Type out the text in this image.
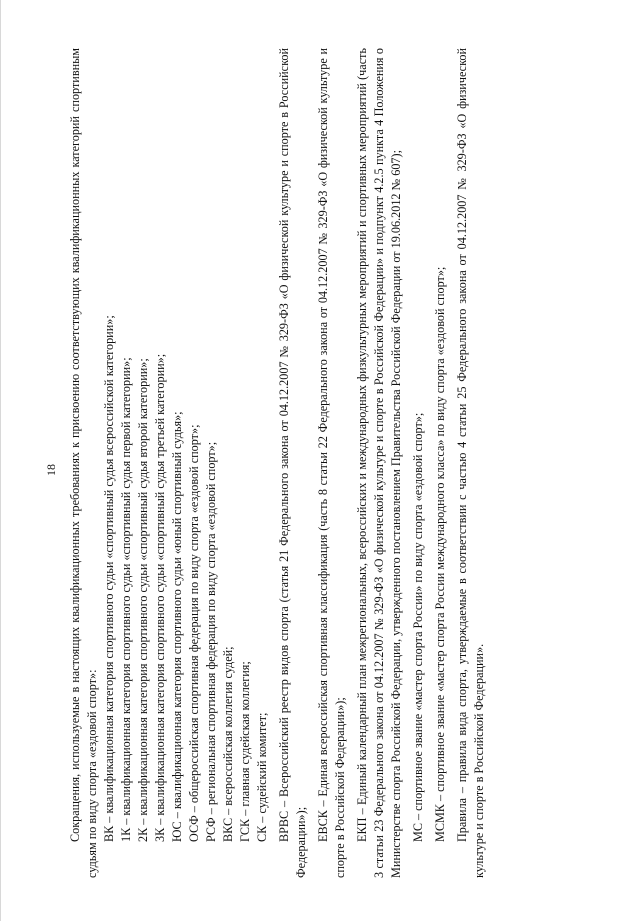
18 Сокращения, используемые в настоящих квалификационных требованиях к присвоению соответствующих квалификационных категорий спортивным судьям по виду спорта «ездовой спорт»: ВК – квалификационная категория спортивного судьи «спортивный судья всероссийской категории»; 1К – квалификационная категория спортивного судьи «спортивный судья первой категории»; 2К – квалификационная категория спортивного судьи «спортивный судья второй категории»; 3К – квалификационная категория спортивного судьи «спортивный судья третьей категории»; ЮС – квалификационная категория спортивного судьи «юный спортивный судья»; ОСФ – общероссийская спортивная федерация по виду спорта «ездовой спорт»; РСФ – региональная спортивная федерация по виду спорта «ездовой спорт»; ВКС – всероссийская коллегия судей; ГСК – главная судейская коллегия; СК – судейский комитет; ВРВС – Всероссийский реестр видов спорта (статья 21 Федерального закона от 04.12.2007 № 329-ФЗ «О физической культуре и спорте в Российской Федерации»);

ЕВСК – Единая всероссийская спортивная классификация (часть 8 статьи 22 Федерального закона от 04.12.2007 № 329-ФЗ «О физической культуре и спорте в Российской Федерации»); ЕКП – Единый календарный план межрегиональных, всероссийских и международных физкультурных мероприятий и спортивных мероприятий (часть 3 статьи 23 Федерального закона от 04.12.2007 № 329-ФЗ «О физической культуре и спорте в Российской Федерации» и подпункт 4.2.5 пункта 4 Положения о Министерстве спорта Российской Федерации, утвержденного постановлением Правительства Российской Федерации от 19.06.2012 № 607); МС – спортивное звание «мастер спорта России» по виду спорта «ездовой спорт»; МСМК – спортивное звание «мастер спорта России международного класса» по виду спорта «ездовой спорт»; Правила – правила вида спорта, утверждаемые в соответствии с частью 4 статьи 25 Федерального закона от 04.12.2007 № 329-ФЗ «О физической культуре и спорте в Российской Федерации».
